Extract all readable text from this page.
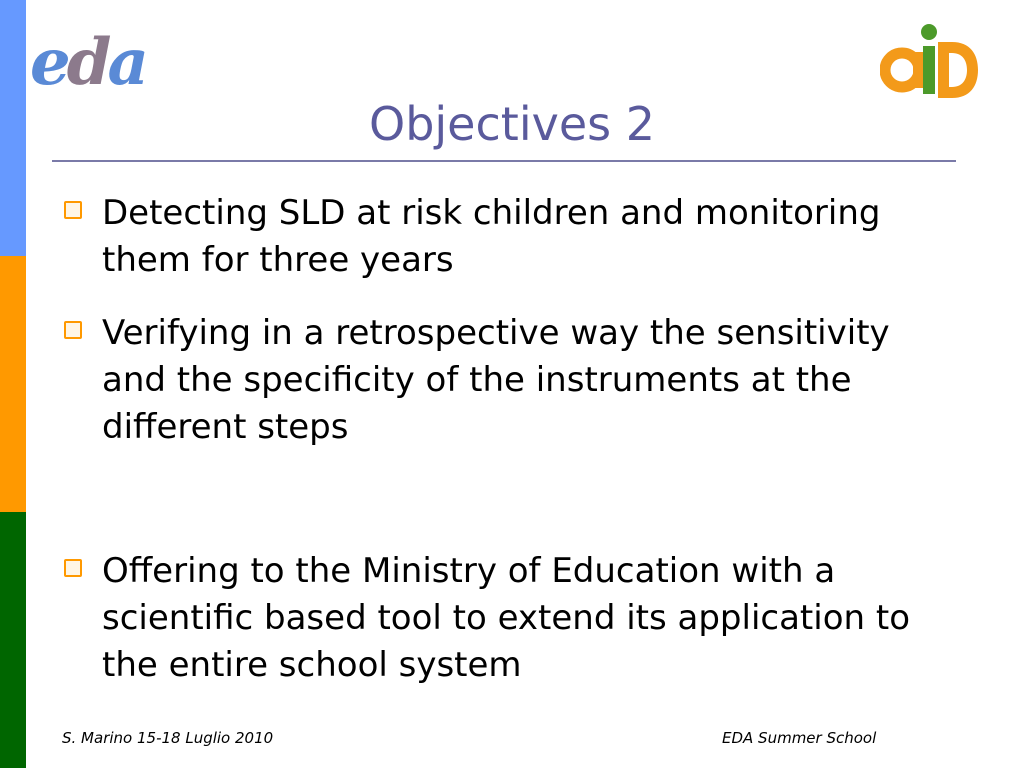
eda
Objectives 2
Detecting SLD at risk children and monitoring them for three years
Verifying in a retrospective way the sensitivity and the specificity of the instruments at the different steps
Offering to the Ministry of Education with a scientific based tool to extend its application to the entire school system
S. Marino 15-18 Luglio 2010	EDA Summer School
